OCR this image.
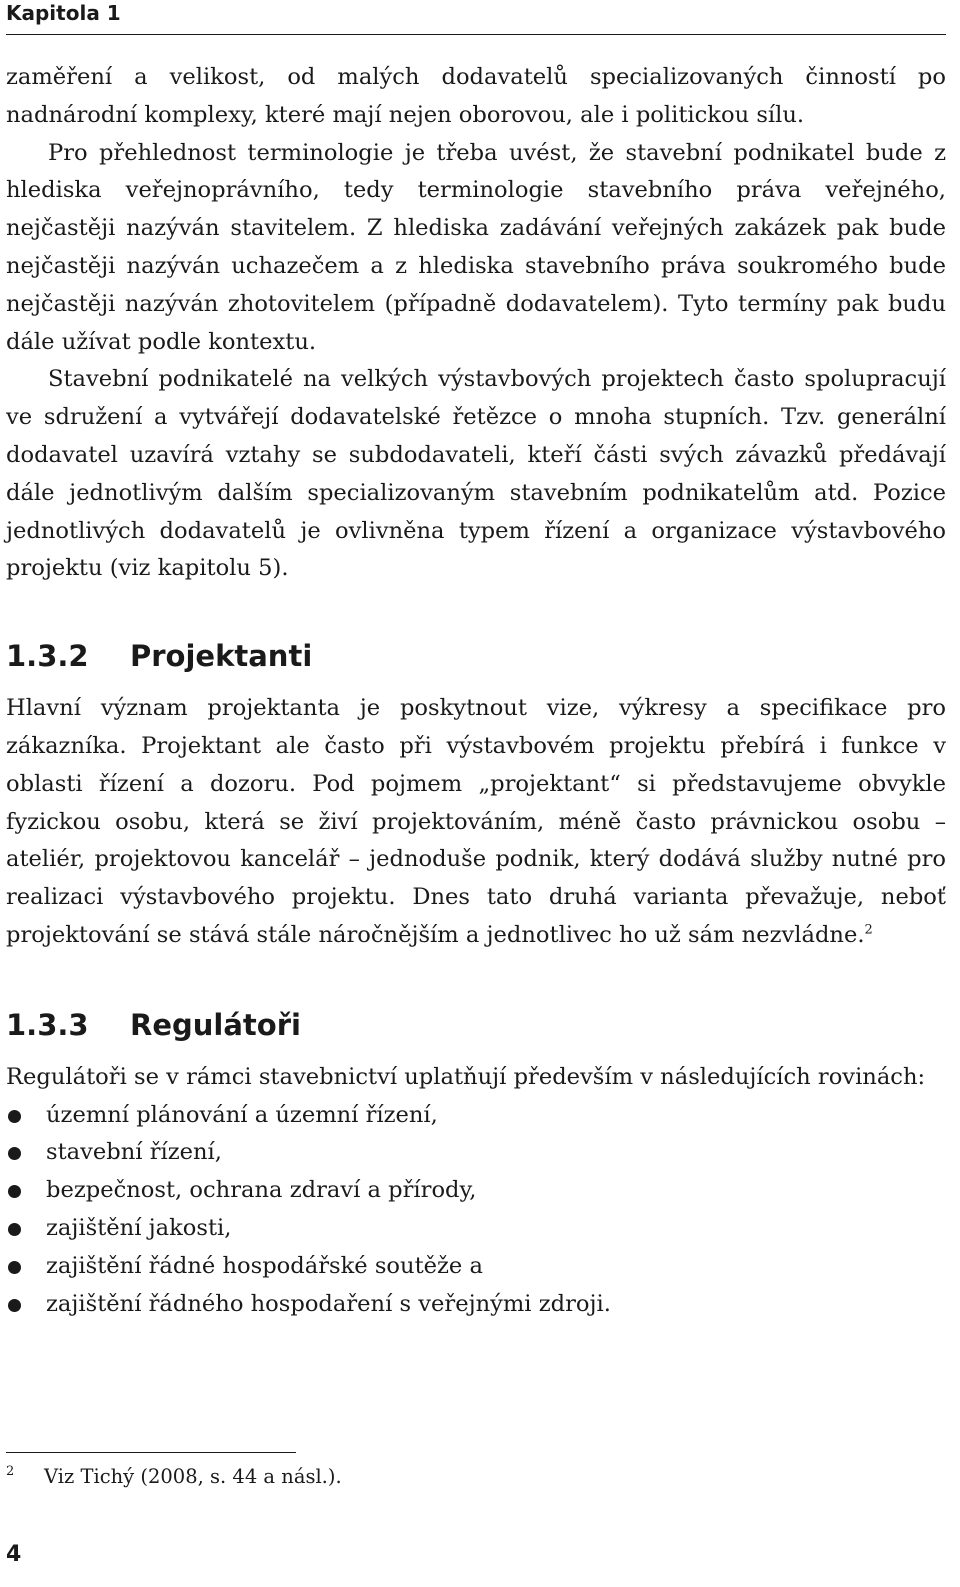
Kapitola 1

zaměření a velikost, od malých dodavatelů specializovaných činností po nadnárodní komplexy, které mají nejen oborovou, ale i politickou sílu.

Pro přehlednost terminologie je třeba uvést, že stavební podnikatel bude z hlediska veřejnoprávního, tedy terminologie stavebního práva veřejného, nejčastěji nazýván stavitelem. Z hlediska zadávání veřejných zakázek pak bude nejčastěji nazýván uchazečem a z hlediska stavebního práva soukromého bude nejčastěji nazýván zhotovitelem (případně dodavatelem). Tyto termíny pak budu dále užívat podle kontextu.

Stavební podnikatelé na velkých výstavbových projektech často spolupracují ve sdružení a vytvářejí dodavatelské řetězce o mnoha stupních. Tzv. generální dodavatel uzavírá vztahy se subdodavateli, kteří části svých závazků předávají dále jednotlivým dalším specializovaným stavebním podnikatelům atd. Pozice jednotlivých dodavatelů je ovlivněna typem řízení a organizace výstavbového projektu (viz kapitolu 5).

1.3.2	Projektanti

Hlavní význam projektanta je poskytnout vize, výkresy a specifikace pro zákazníka. Projektant ale často při výstavbovém projektu přebírá i funkce v oblasti řízení a dozoru. Pod pojmem „projektant“ si představujeme obvykle fyzickou osobu, která se živí projektováním, méně často právnickou osobu – ateliér, projektovou kancelář – jednoduše podnik, který dodává služby nutné pro realizaci výstavbového projektu. Dnes tato druhá varianta převažuje, neboť projektování se stává stále náročnějším a jednotlivec ho už sám nezvládne.$^2$

1.3.3	Regulátoři

Regulátoři se v rámci stavebnictví uplatňují především v následujících rovinách:

územní plánování a územní řízení,
stavební řízení,
bezpečnost, ochrana zdraví a přírody,
zajištění jakosti,
zajištění řádné hospodářské soutěže a
zajištění řádného hospodaření s veřejnými zdroji.
2	Viz Tichý (2008, s. 44 a násl.).
4
